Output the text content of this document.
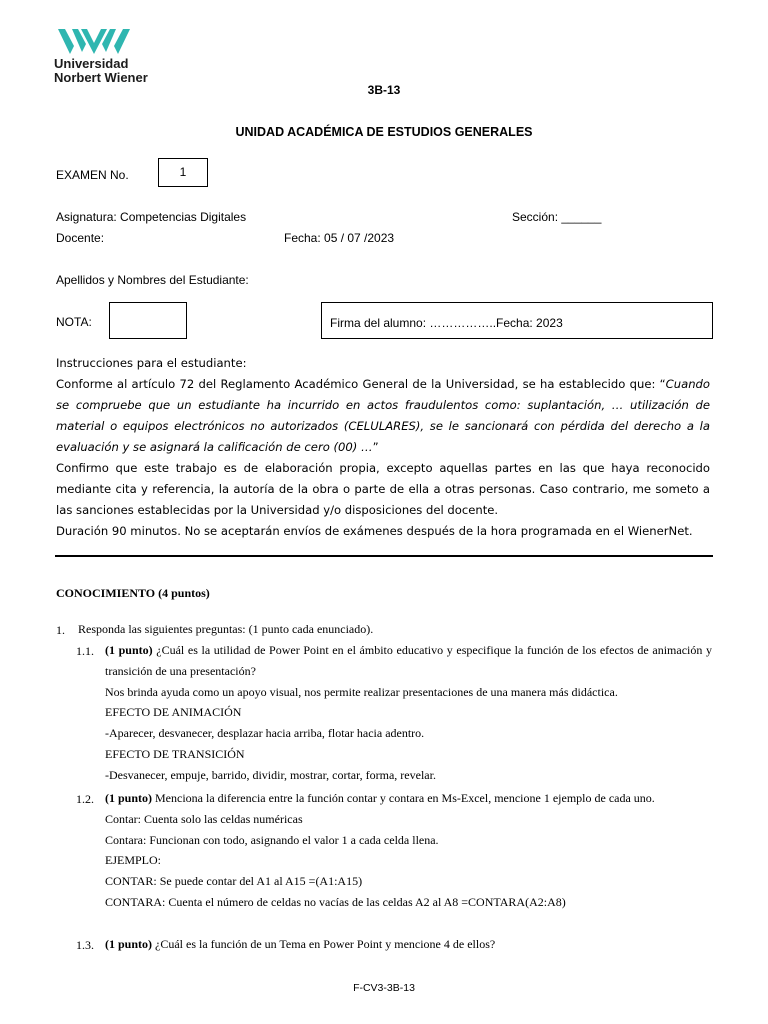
Universidad
Norbert Wiener
3B-13
UNIDAD ACADÉMICA DE ESTUDIOS GENERALES
EXAMEN No.	1
Asignatura: Competencias Digitales	Sección: ______
Docente:	Fecha: 05 / 07 /2023
Apellidos y Nombres del Estudiante:
NOTA:	Firma del alumno: ……………..Fecha: 2023

Instrucciones para el estudiante:

Conforme al artículo 72 del Reglamento Académico General de la Universidad, se ha establecido que: “Cuando se compruebe que un estudiante ha incurrido en actos fraudulentos como: suplantación, … utilización de material o equipos electrónicos no autorizados (CELULARES), se le sancionará con pérdida del derecho a la evaluación y se asignará la calificación de cero (00) …”

Confirmo que este trabajo es de elaboración propia, excepto aquellas partes en las que haya reconocido mediante cita y referencia, la autoría de la obra o parte de ella a otras personas. Caso contrario, me someto a las sanciones establecidas por la Universidad y/o disposiciones del docente.

Duración 90 minutos. No se aceptarán envíos de exámenes después de la hora programada en el WienerNet.

CONOCIMIENTO (4 puntos)
1. Responda las siguientes preguntas: (1 punto cada enunciado).

1.1. (1 punto) ¿Cuál es la utilidad de Power Point en el ámbito educativo y especifique la función de los efectos de animación y transición de una presentación?

Nos brinda ayuda como un apoyo visual, nos permite realizar presentaciones de una manera más didáctica.

EFECTO DE ANIMACIÓN

-Aparecer, desvanecer, desplazar hacia arriba, flotar hacia adentro.

EFECTO DE TRANSICIÓN

-Desvanecer, empuje, barrido, dividir, mostrar, cortar, forma, revelar.

1.2. (1 punto) Menciona la diferencia entre la función contar y contara en Ms-Excel, mencione 1 ejemplo de cada uno.

Contar: Cuenta solo las celdas numéricas

Contara: Funcionan con todo, asignando el valor 1 a cada celda llena.

EJEMPLO:

CONTAR: Se puede contar del A1 al A15 =(A1:A15)

CONTARA: Cuenta el número de celdas no vacías de las celdas A2 al A8 =CONTARA(A2:A8)

1.3. (1 punto) ¿Cuál es la función de un Tema en Power Point y mencione 4 de ellos?

F-CV3-3B-13
